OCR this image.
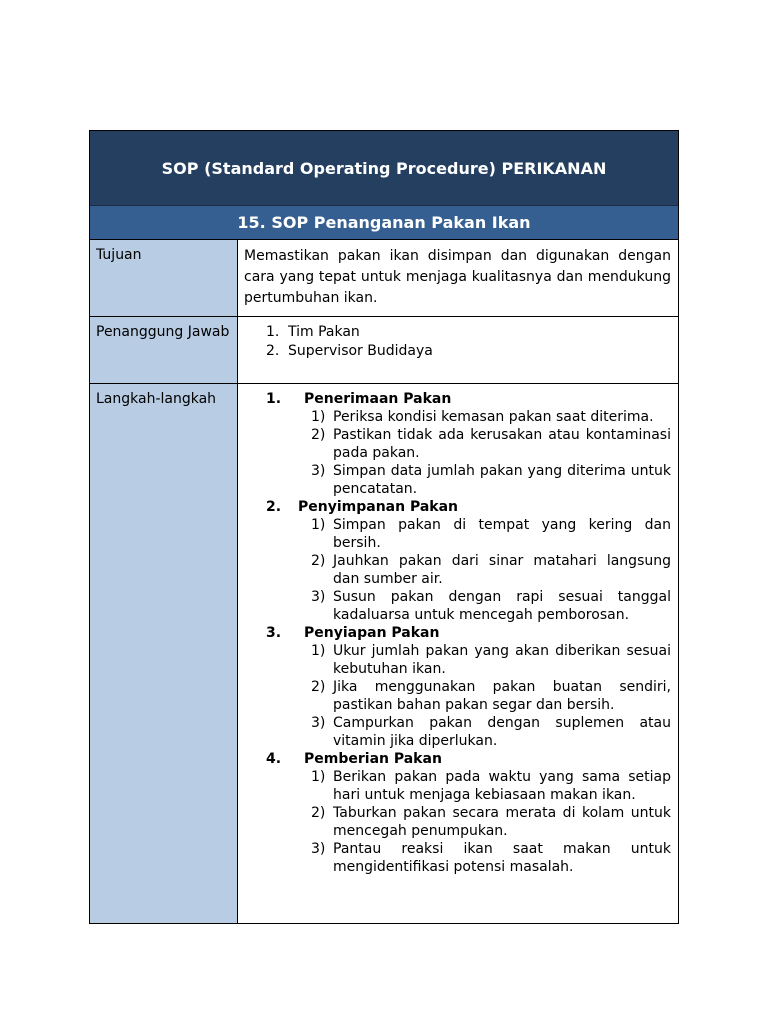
SOP (Standard Operating Procedure) PERIKANAN
15. SOP Penanganan Pakan Ikan
Tujuan	Memastikan pakan ikan disimpan dan digunakan dengan cara yang tepat untuk menjaga kualitasnya dan mendukung pertumbuhan ikan.
Penanggung Jawab	1. Tim Pakan
2. Supervisor Budidaya
Langkah-langkah	1.	Penerimaan Pakan
1) Periksa kondisi kemasan pakan saat diterima.
2) Pastikan tidak ada kerusakan atau kontaminasi pada pakan.
3) Simpan data jumlah pakan yang diterima untuk pencatatan.
2.	Penyimpanan Pakan
1) Simpan pakan di tempat yang kering dan bersih.
2) Jauhkan pakan dari sinar matahari langsung dan sumber air.
3) Susun pakan dengan rapi sesuai tanggal kadaluarsa untuk mencegah pemborosan.
3.	Penyiapan Pakan
1) Ukur jumlah pakan yang akan diberikan sesuai kebutuhan ikan.
2) Jika menggunakan pakan buatan sendiri, pastikan bahan pakan segar dan bersih.
3) Campurkan pakan dengan suplemen atau vitamin jika diperlukan.
4.	Pemberian Pakan
1) Berikan pakan pada waktu yang sama setiap hari untuk menjaga kebiasaan makan ikan.
2) Taburkan pakan secara merata di kolam untuk mencegah penumpukan.
3) Pantau reaksi ikan saat makan untuk mengidentifikasi potensi masalah.
